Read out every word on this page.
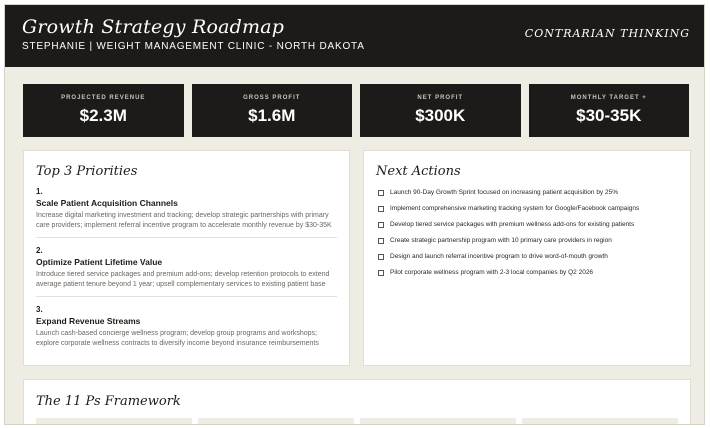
Growth Strategy Roadmap
STEPHANIE | WEIGHT MANAGEMENT CLINIC - NORTH DAKOTA
CONTRARIAN THINKING
PROJECTED REVENUE
$2.3M
GROSS PROFIT
$1.6M
NET PROFIT
$300K
MONTHLY TARGET +
$30-35K
Top 3 Priorities
1.
Scale Patient Acquisition Channels
Increase digital marketing investment and tracking; develop strategic partnerships with primary care providers; implement referral incentive program to accelerate monthly revenue by $30-35K
2.
Optimize Patient Lifetime Value
Introduce tiered service packages and premium add-ons; develop retention protocols to extend average patient tenure beyond 1 year; upsell complementary services to existing patient base
3.
Expand Revenue Streams
Launch cash-based concierge wellness program; develop group programs and workshops; explore corporate wellness contracts to diversify income beyond insurance reimbursements
Next Actions
Launch 90-Day Growth Sprint focused on increasing patient acquisition by 25%
Implement comprehensive marketing tracking system for Google/Facebook campaigns
Develop tiered service packages with premium wellness add-ons for existing patients
Create strategic partnership program with 10 primary care providers in region
Design and launch referral incentive program to drive word-of-mouth growth
Pilot corporate wellness program with 2-3 local companies by Q2 2026
The 11 Ps Framework
